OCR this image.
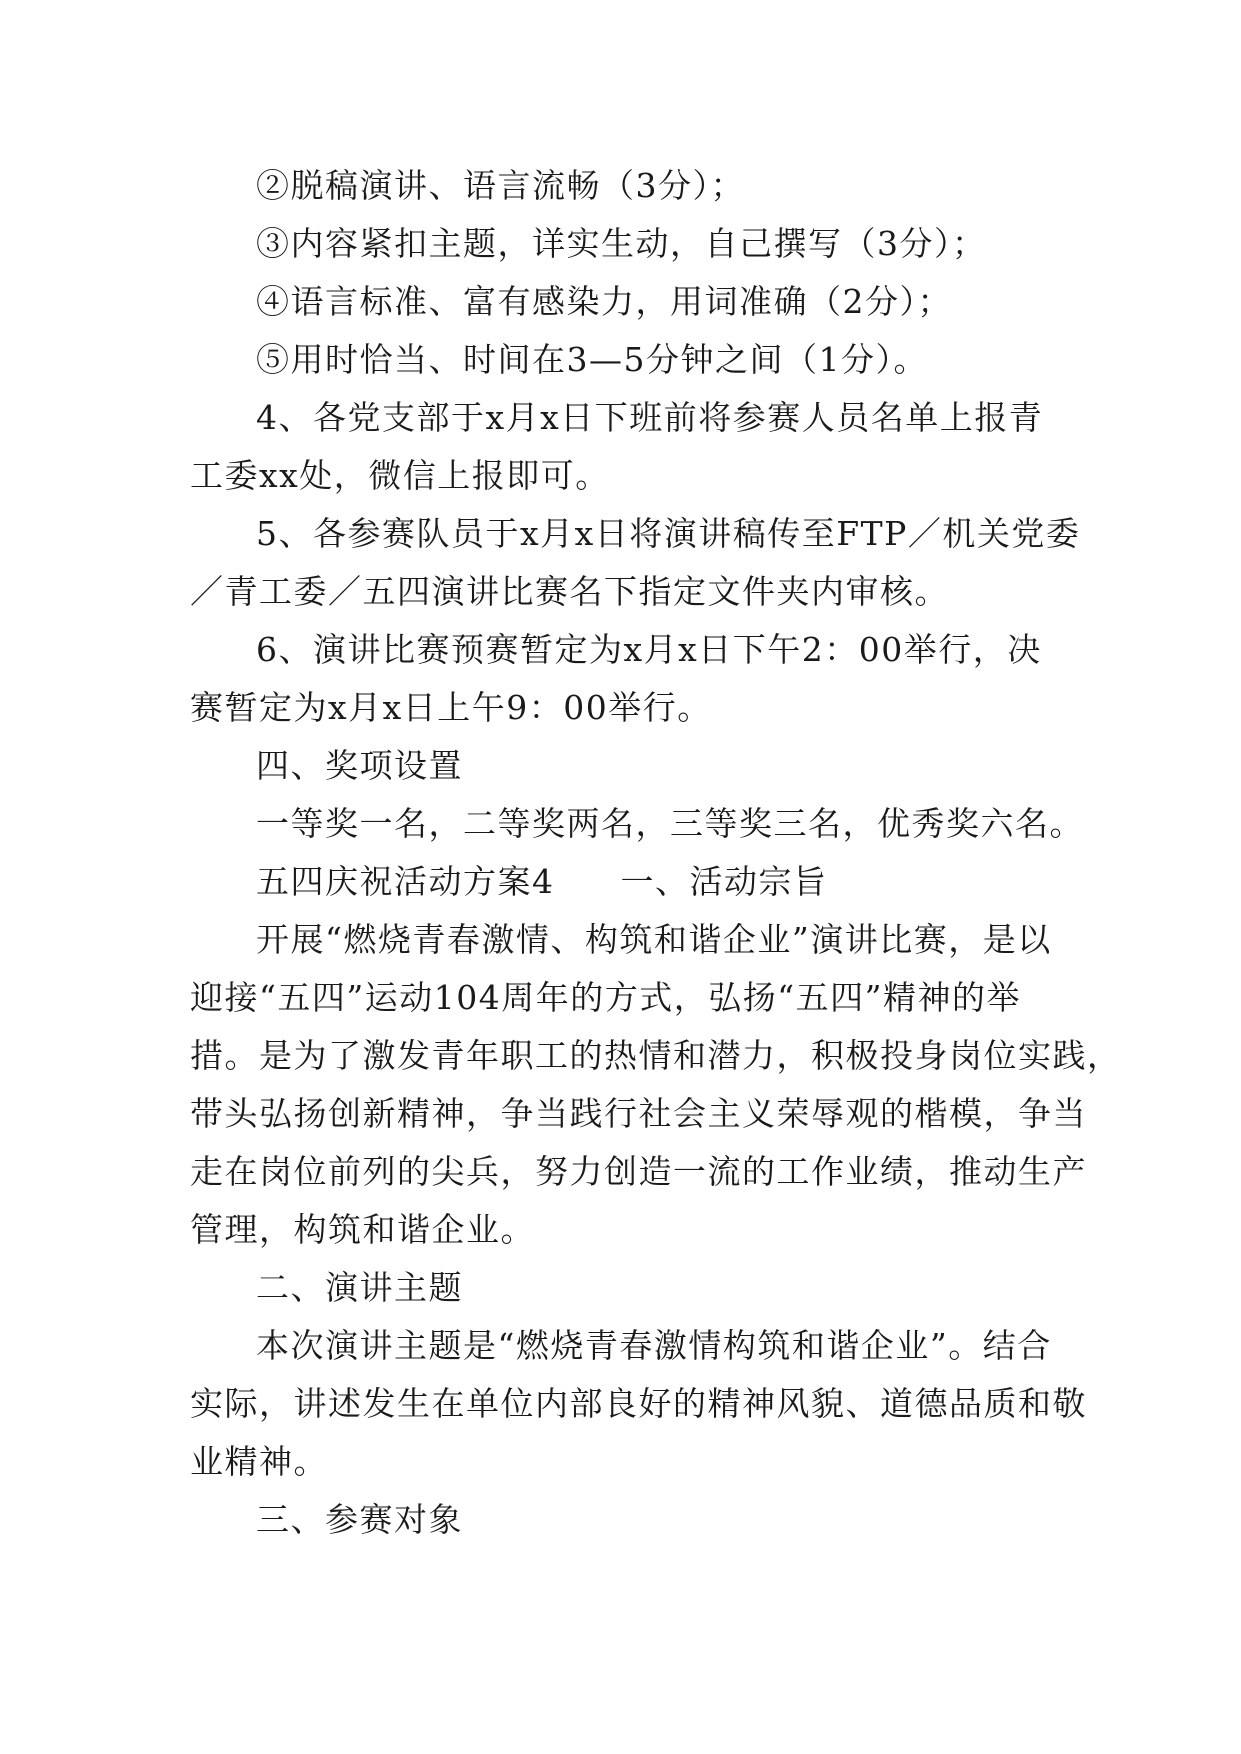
②脱稿演讲、语言流畅（3分）；

③内容紧扣主题，详实生动，自己撰写（3分）；

④语言标准、富有感染力，用词准确（2分）；

⑤用时恰当、时间在3—5分钟之间（1分）。

4、各党支部于x月x日下班前将参赛人员名单上报青

工委xx处，微信上报即可。

5、各参赛队员于x月x日将演讲稿传至FTP／机关党委

／青工委／五四演讲比赛名下指定文件夹内审核。

6、演讲比赛预赛暂定为x月x日下午2：00举行，决

赛暂定为x月x日上午9：00举行。

四、奖项设置

一等奖一名，二等奖两名，三等奖三名，优秀奖六名。

五四庆祝活动方案4 一、活动宗旨

开展“燃烧青春激情、构筑和谐企业”演讲比赛，是以

迎接“五四”运动104周年的方式，弘扬“五四”精神的举

措。是为了激发青年职工的热情和潜力，积极投身岗位实践，

带头弘扬创新精神，争当践行社会主义荣辱观的楷模，争当

走在岗位前列的尖兵，努力创造一流的工作业绩，推动生产

管理，构筑和谐企业。

二、演讲主题

本次演讲主题是“燃烧青春激情构筑和谐企业”。结合

实际，讲述发生在单位内部良好的精神风貌、道德品质和敬

业精神。

三、参赛对象
